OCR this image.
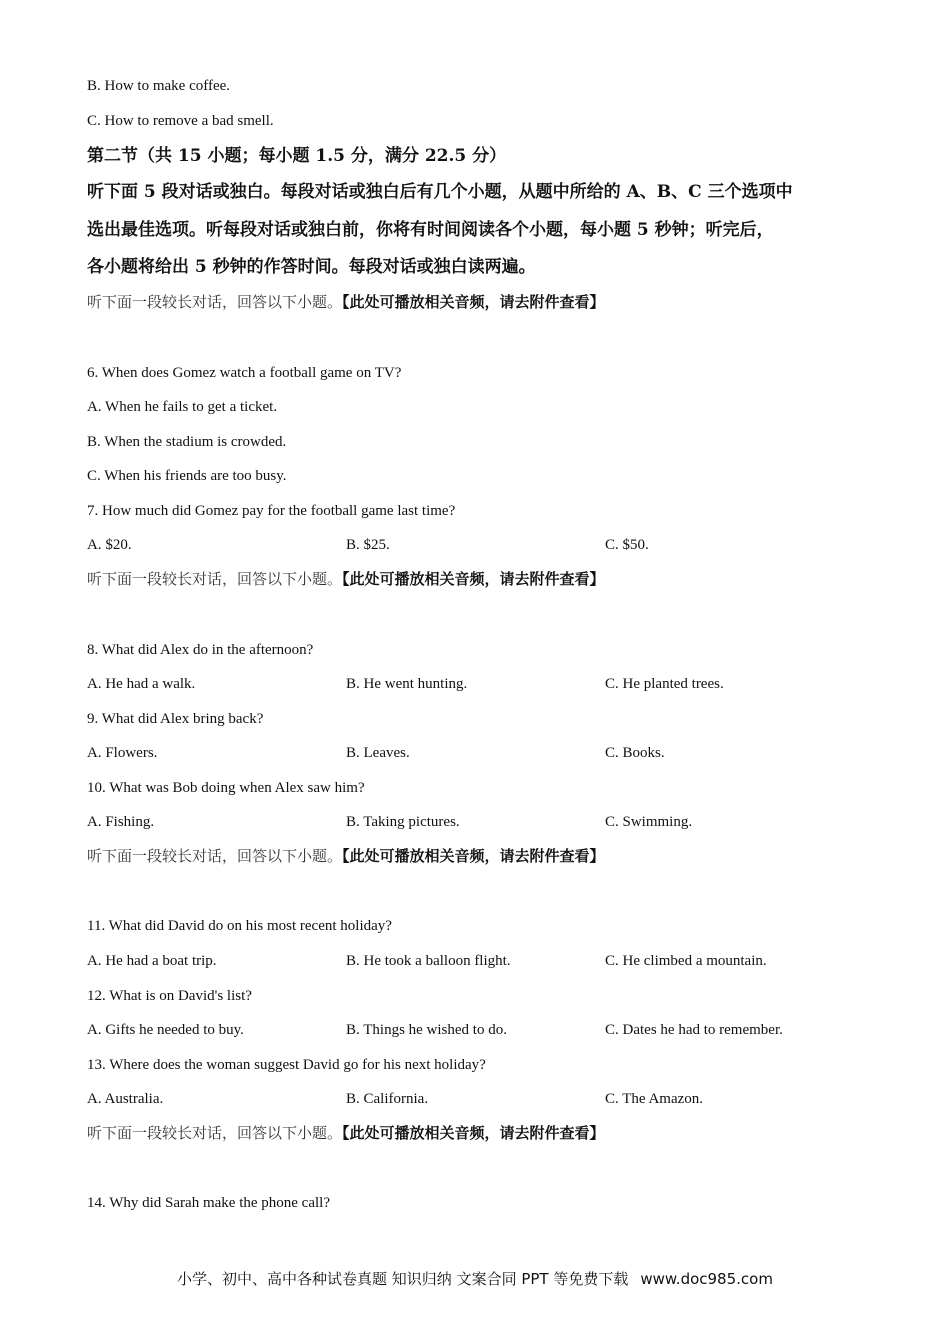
B. How to make coffee.
C. How to remove a bad smell.
第二节（共 15 小题；每小题 1.5 分，满分 22.5 分）
听下面 5 段对话或独白。每段对话或独白后有几个小题，从题中所给的 A、B、C 三个选项中
选出最佳选项。听每段对话或独白前，你将有时间阅读各个小题，每小题 5 秒钟；听完后，
各小题将给出 5 秒钟的作答时间。每段对话或独白读两遍。
听下面一段较长对话，回答以下小题。【此处可播放相关音频，请去附件查看】
6. When does Gomez watch a football game on TV?
A. When he fails to get a ticket.
B. When the stadium is crowded.
C. When his friends are too busy.
7. How much did Gomez pay for the football game last time?
A. $20.	B. $25.	C. $50.
听下面一段较长对话，回答以下小题。【此处可播放相关音频，请去附件查看】
8. What did Alex do in the afternoon?
A. He had a walk.	B. He went hunting.	C. He planted trees.
9. What did Alex bring back?
A. Flowers.	B. Leaves.	C. Books.
10. What was Bob doing when Alex saw him?
A. Fishing.	B. Taking pictures.	C. Swimming.
听下面一段较长对话，回答以下小题。【此处可播放相关音频，请去附件查看】
11. What did David do on his most recent holiday?
A. He had a boat trip.	B. He took a balloon flight.	C. He climbed a mountain.
12. What is on David's list?
A. Gifts he needed to buy.	B. Things he wished to do.	C. Dates he had to remember.
13. Where does the woman suggest David go for his next holiday?
A. Australia.	B. California.	C. The Amazon.
听下面一段较长对话，回答以下小题。【此处可播放相关音频，请去附件查看】
14. Why did Sarah make the phone call?
小学、初中、高中各种试卷真题 知识归纳 文案合同 PPT 等免费下载 www.doc985.com
